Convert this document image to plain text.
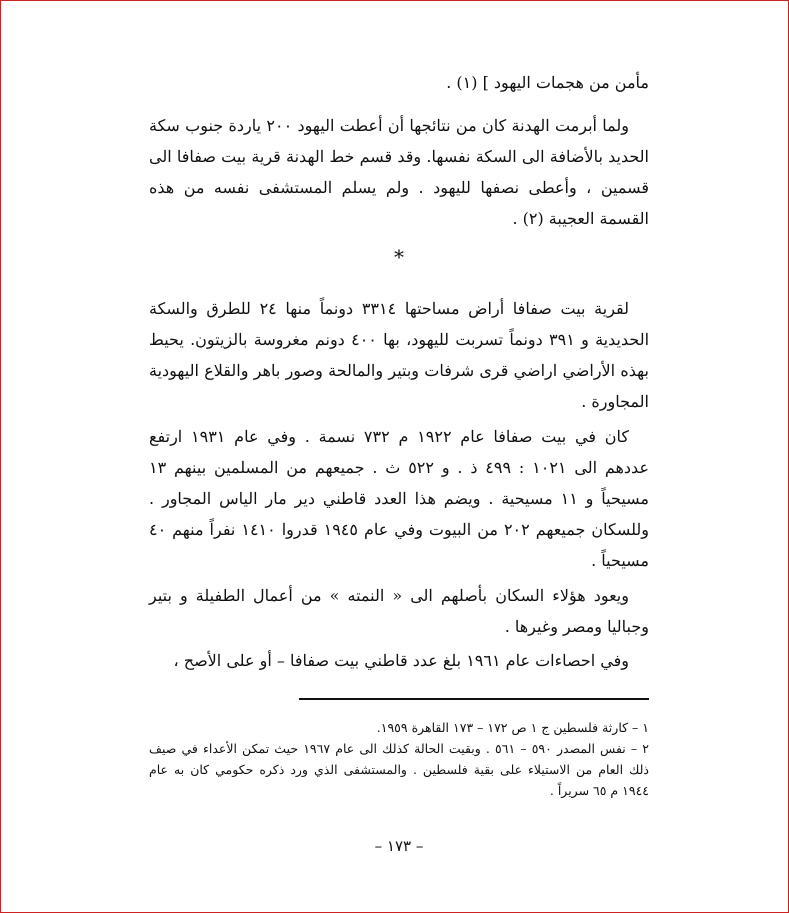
مأمن من هجمات اليهود ] (١) .

ولما أبرمت الهدنة كان من نتائجها أن أعطت اليهود ٢٠٠ ياردة جنوب سكة الحديد بالأضافة الى السكة نفسها. وقد قسم خط الهدنة قرية بيت صفافا الى قسمين ، وأعطى نصفها لليهود . ولم يسلم المستشفى نفسه من هذه القسمة العجيبة (٢) .

*

لقرية بيت صفافا أراض مساحتها ٣٣١٤ دونماً منها ٢٤ للطرق والسكة الحديدية و ٣٩١ دونماً تسربت لليهود، بها ٤٠٠ دونم مغروسة بالزيتون. يحيط بهذه الأراضي اراضي قرى شرفات وبتير والمالحة وصور باهر والقلاع اليهودية المجاورة .

كان في بيت صفافا عام ١٩٢٢ م ٧٣٢ نسمة . وفي عام ١٩٣١ ارتفع عددهم الى ١٠٢١ : ٤٩٩ ذ . و ٥٢٢ ث . جميعهم من المسلمين بينهم ١٣ مسيحياً و ١١ مسيحية . ويضم هذا العدد قاطني دير مار الياس المجاور . وللسكان جميعهم ٢٠٢ من البيوت وفي عام ١٩٤٥ قدروا ١٤١٠ نفراً منهم ٤٠ مسيحياً .

ويعود هؤلاء السكان بأصلهم الى « النمته » من أعمال الطفيلة و بتير وجباليا ومصر وغيرها .

وفي احصاءات عام ١٩٦١ بلغ عدد قاطني بيت صفافا – أو على الأصح ،

١ – كارثة فلسطين ج ١ ص ١٧٢ – ١٧٣ القاهرة ١٩٥٩.

٢ – نفس المصدر ٥٩٠ – ٥٦١ . وبقيت الحالة كذلك الى عام ١٩٦٧ حيث تمكن الأعداء في صيف ذلك العام من الاستيلاء على بقية فلسطين . والمستشفى الذي ورد ذكره حكومي كان به عام ١٩٤٤ م ٦٥ سريراً .

– ١٧٣ –
